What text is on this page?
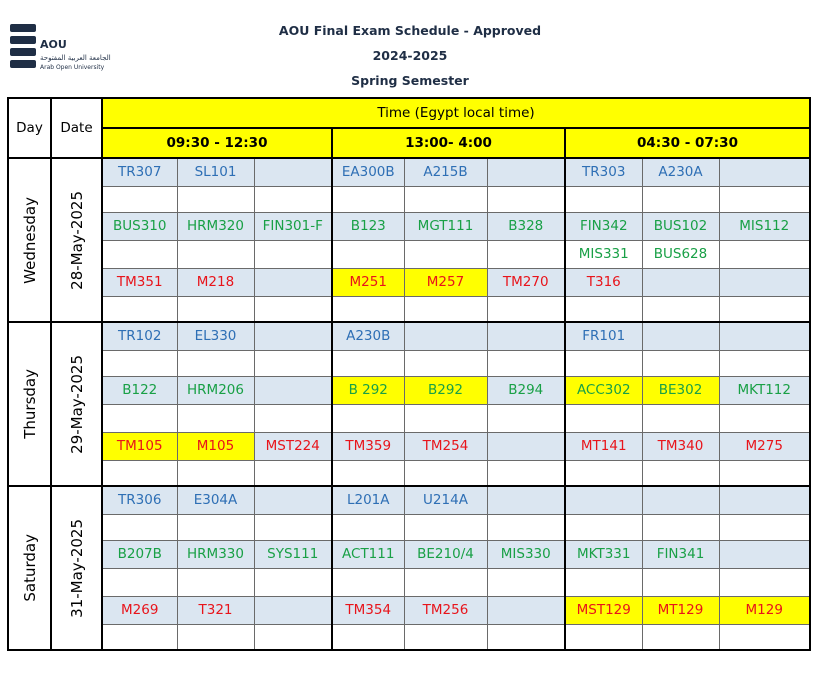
AOU
الجامعة العربية المفتوحة
Arab Open University
AOU Final Exam Schedule - Approved
2024-2025
Spring Semester
Day	Date	Time (Egypt local time)								
		09:30 - 12:30			13:00- 4:00			04:30 - 07:30		

Wednesday	28-May-2025	TR307	SL101		EA300B	A215B		TR303	A230A	

		BUS310	HRM320	FIN301-F	B123	MGT111	B328	FIN342	BUS102	MIS112
								MIS331	BUS628	
		TM351	M218		M251	M257	TM270	T316		

Thursday	29-May-2025	TR102	EL330		A230B			FR101		

		B122	HRM206		B 292	B292	B294	ACC302	BE302	MKT112

		TM105	M105	MST224	TM359	TM254		MT141	TM340	M275

Saturday	31-May-2025	TR306	E304A		L201A	U214A				

		B207B	HRM330	SYS111	ACT111	BE210/4	MIS330	MKT331	FIN341	

		M269	T321		TM354	TM256		MST129	MT129	M129
